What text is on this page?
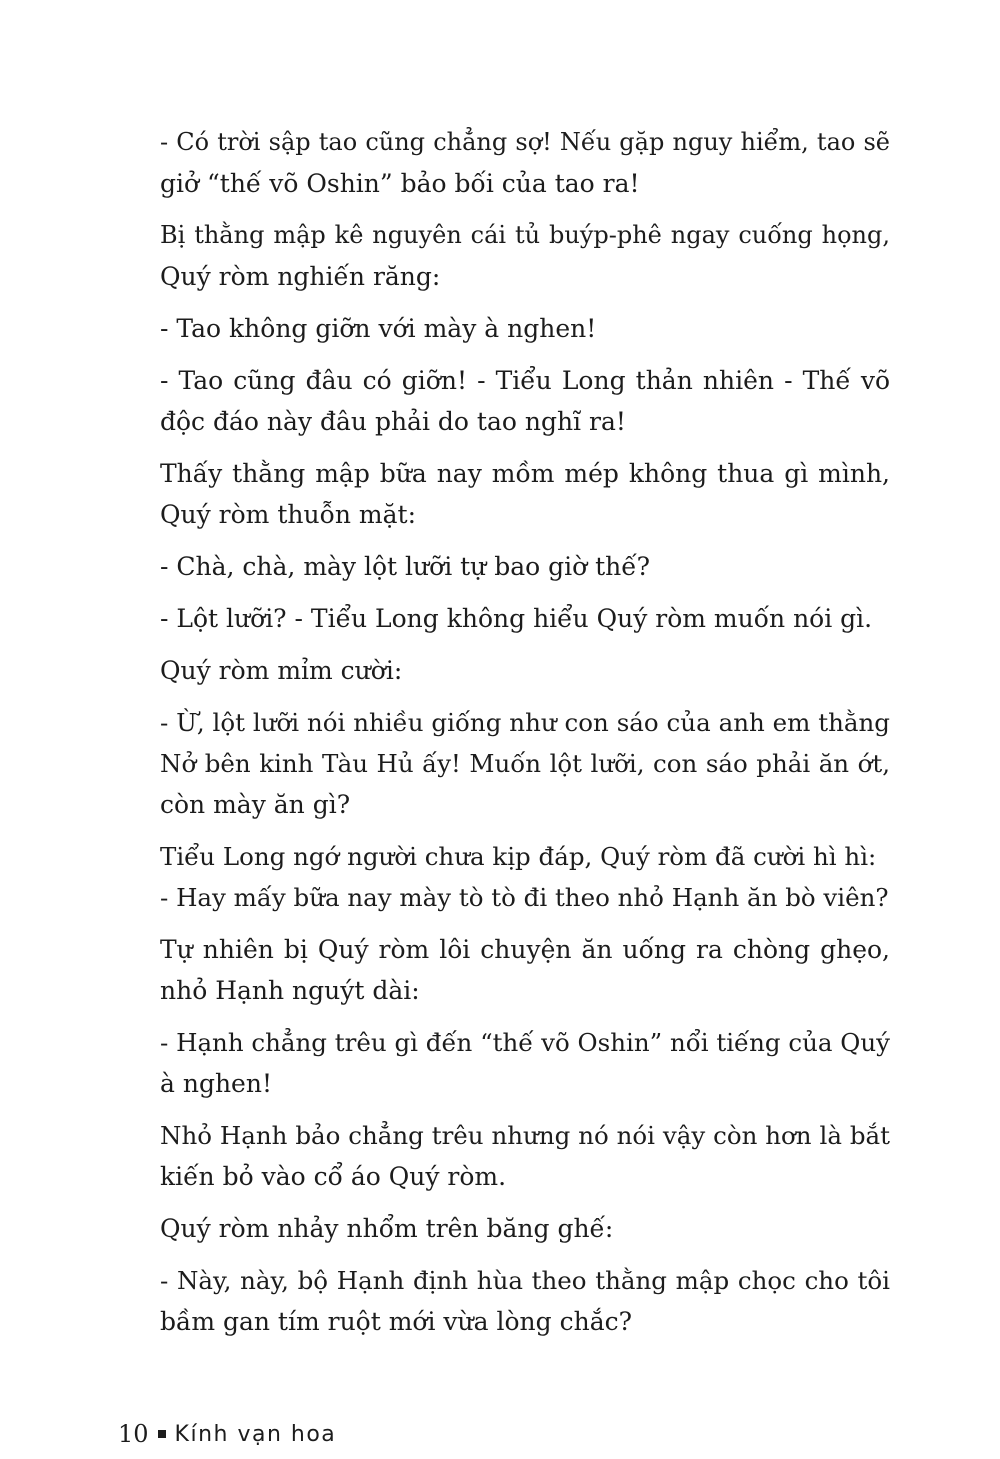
- Có trời sập tao cũng chẳng sợ! Nếu gặp nguy hiểm, tao sẽ
giở “thế võ Oshin” bảo bối của tao ra!
Bị thằng mập kê nguyên cái tủ buýp-phê ngay cuống họng,
Quý ròm nghiến răng:
- Tao không giỡn với mày à nghen!
- Tao cũng đâu có giỡn! - Tiểu Long thản nhiên - Thế võ
độc đáo này đâu phải do tao nghĩ ra!
Thấy thằng mập bữa nay mồm mép không thua gì mình,
Quý ròm thuỗn mặt:
- Chà, chà, mày lột lưỡi tự bao giờ thế?
- Lột lưỡi? - Tiểu Long không hiểu Quý ròm muốn nói gì.
Quý ròm mỉm cười:
- Ừ, lột lưỡi nói nhiều giống như con sáo của anh em thằng
Nở bên kinh Tàu Hủ ấy! Muốn lột lưỡi, con sáo phải ăn ớt,
còn mày ăn gì?
Tiểu Long ngớ người chưa kịp đáp, Quý ròm đã cười hì hì:
- Hay mấy bữa nay mày tò tò đi theo nhỏ Hạnh ăn bò viên?
Tự nhiên bị Quý ròm lôi chuyện ăn uống ra chòng ghẹo,
nhỏ Hạnh nguýt dài:
- Hạnh chẳng trêu gì đến “thế võ Oshin” nổi tiếng của Quý
à nghen!
Nhỏ Hạnh bảo chẳng trêu nhưng nó nói vậy còn hơn là bắt
kiến bỏ vào cổ áo Quý ròm.
Quý ròm nhảy nhổm trên băng ghế:
- Này, này, bộ Hạnh định hùa theo thằng mập chọc cho tôi
bầm gan tím ruột mới vừa lòng chắc?
10 Kính vạn hoa
